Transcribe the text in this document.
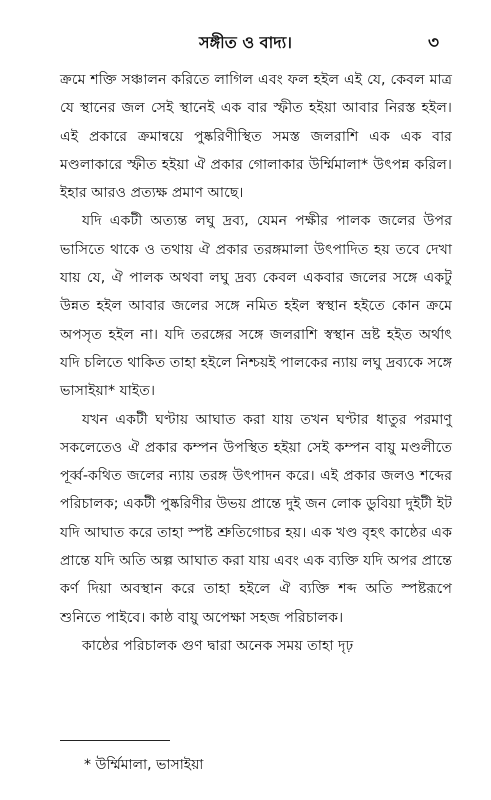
সঙ্গীত ও বাদ্য।	৩

ক্রমে শক্তি সঞ্চালন করিতে লাগিল এবং ফল হইল এই যে, কেবল মাত্র যে স্থানের জল সেই স্থানেই এক বার স্ফীত হইয়া আবার নিরস্ত হইল। এই প্রকারে ক্রমান্বয়ে পুষ্করিণীস্থিত সমস্ত জলরাশি এক এক বার মণ্ডলাকারে স্ফীত হইয়া ঐ প্রকার গোলাকার উর্ম্মিমালা* উৎপন্ন করিল। ইহার আরও প্রত্যক্ষ প্রমাণ আছে।

যদি একটী অত্যন্ত লঘু দ্রব্য, যেমন পক্ষীর পালক জলের উপর ভাসিতে থাকে ও তথায় ঐ প্রকার তরঙ্গমালা উৎপাদিত হয় তবে দেখা যায় যে, ঐ পালক অথবা লঘু দ্রব্য কেবল একবার জলের সঙ্গে একটু উন্নত হইল আবার জলের সঙ্গে নমিত হইল স্বস্থান হইতে কোন ক্রমে অপসৃত হইল না। যদি তরঙ্গের সঙ্গে জলরাশি স্বস্থান ভ্রষ্ট হইত অর্থাৎ যদি চলিতে থাকিত তাহা হইলে নিশ্চয়ই পালকের ন্যায় লঘু দ্রব্যকে সঙ্গে ভাসাইয়া* যাইত।

যখন একটী ঘণ্টায় আঘাত করা যায় তখন ঘণ্টার ধাতুর পরমাণু সকলেতেও ঐ প্রকার কম্পন উপস্থিত হইয়া সেই কম্পন বায়ু মণ্ডলীতে পূর্ব্ব-কথিত জলের ন্যায় তরঙ্গ উৎপাদন করে। এই প্রকার জলও শব্দের পরিচালক; একটী পুষ্করিণীর উভয় প্রান্তে দুই জন লোক ডুবিয়া দুইটী ইট যদি আঘাত করে তাহা স্পষ্ট শ্রুতিগোচর হয়। এক খণ্ড বৃহৎ কাষ্ঠের এক প্রান্তে যদি অতি অল্প আঘাত করা যায় এবং এক ব্যক্তি যদি অপর প্রান্তে কর্ণ দিয়া অবস্থান করে তাহা হইলে ঐ ব্যক্তি শব্দ অতি স্পষ্টরূপে শুনিতে পাইবে। কাষ্ঠ বায়ু অপেক্ষা সহজ পরিচালক।

কাষ্ঠের পরিচালক গুণ দ্বারা অনেক সময় তাহা দৃঢ়

* উর্ম্মিমালা, ভাসাইয়া
